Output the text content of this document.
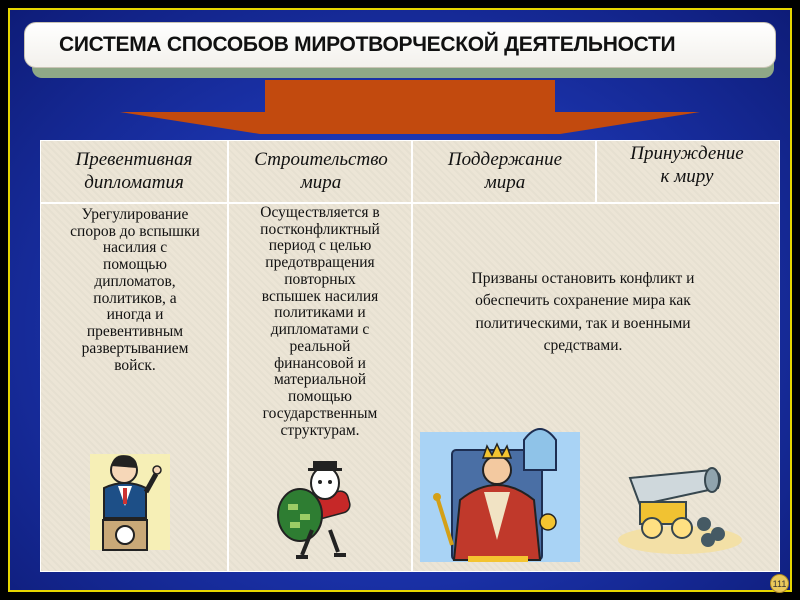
СИСТЕМА СПОСОБОВ МИРОТВОРЧЕСКОЙ ДЕЯТЕЛЬНОСТИ
Превентивная
дипломатия
Строительство
мира
Поддержание
мира
Принуждение
к миру
Урегулирование
споров до вспышки
насилия с
помощью
дипломатов,
политиков, а
иногда и
превентивным
развертыванием
войск.
Осуществляется в
постконфликтный
период с целью
предотвращения
повторных
вспышек насилия
политиками и
дипломатами с
реальной
финансовой и
материальной
помощью
государственным
структурам.
Призваны остановить конфликт и
обеспечить сохранение мира как
политическими, так и военными
средствами.
111
